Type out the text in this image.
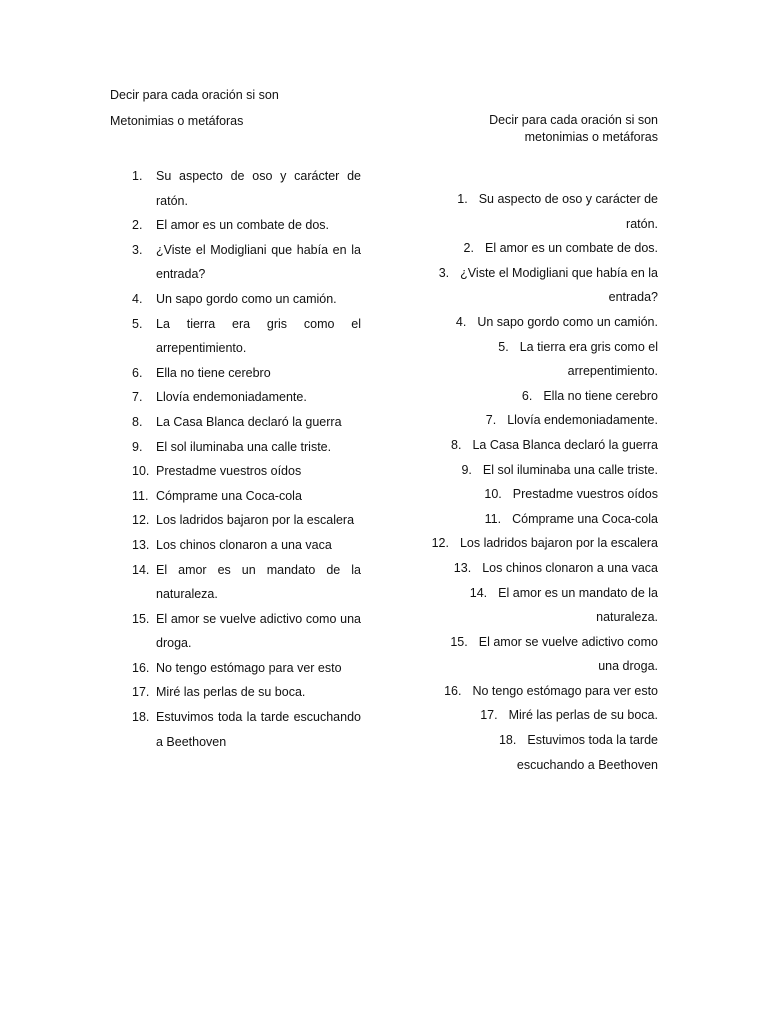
Decir para cada oración si son
Metonimias o metáforas
1. Su aspecto de oso y carácter de ratón.
2. El amor es un combate de dos.
3. ¿Viste el Modigliani que había en la entrada?
4. Un sapo gordo como un camión.
5. La tierra era gris como el arrepentimiento.
6. Ella no tiene cerebro
7. Llovía endemoniadamente.
8. La Casa Blanca declaró la guerra
9. El sol iluminaba una calle triste.
10. Prestadme vuestros oídos
11. Cómprame una Coca-cola
12. Los ladridos bajaron por la escalera
13. Los chinos clonaron a una vaca
14. El amor es un mandato de la naturaleza.
15. El amor se vuelve adictivo como una droga.
16. No tengo estómago para ver esto
17. Miré las perlas de su boca.
18. Estuvimos toda la tarde escuchando a Beethoven
Decir para cada oración si son
metonimias o metáforas
1. Su aspecto de oso y carácter de
ratón.
2. El amor es un combate de dos.
3. ¿Viste el Modigliani que había en la
entrada?
4. Un sapo gordo como un camión.
5. La tierra era gris como el
arrepentimiento.
6. Ella no tiene cerebro
7. Llovía endemoniadamente.
8. La Casa Blanca declaró la guerra
9. El sol iluminaba una calle triste.
10. Prestadme vuestros oídos
11. Cómprame una Coca-cola
12. Los ladridos bajaron por la escalera
13. Los chinos clonaron a una vaca
14. El amor es un mandato de la
naturaleza.
15. El amor se vuelve adictivo como
una droga.
16. No tengo estómago para ver esto
17. Miré las perlas de su boca.
18. Estuvimos toda la tarde
escuchando a Beethoven
